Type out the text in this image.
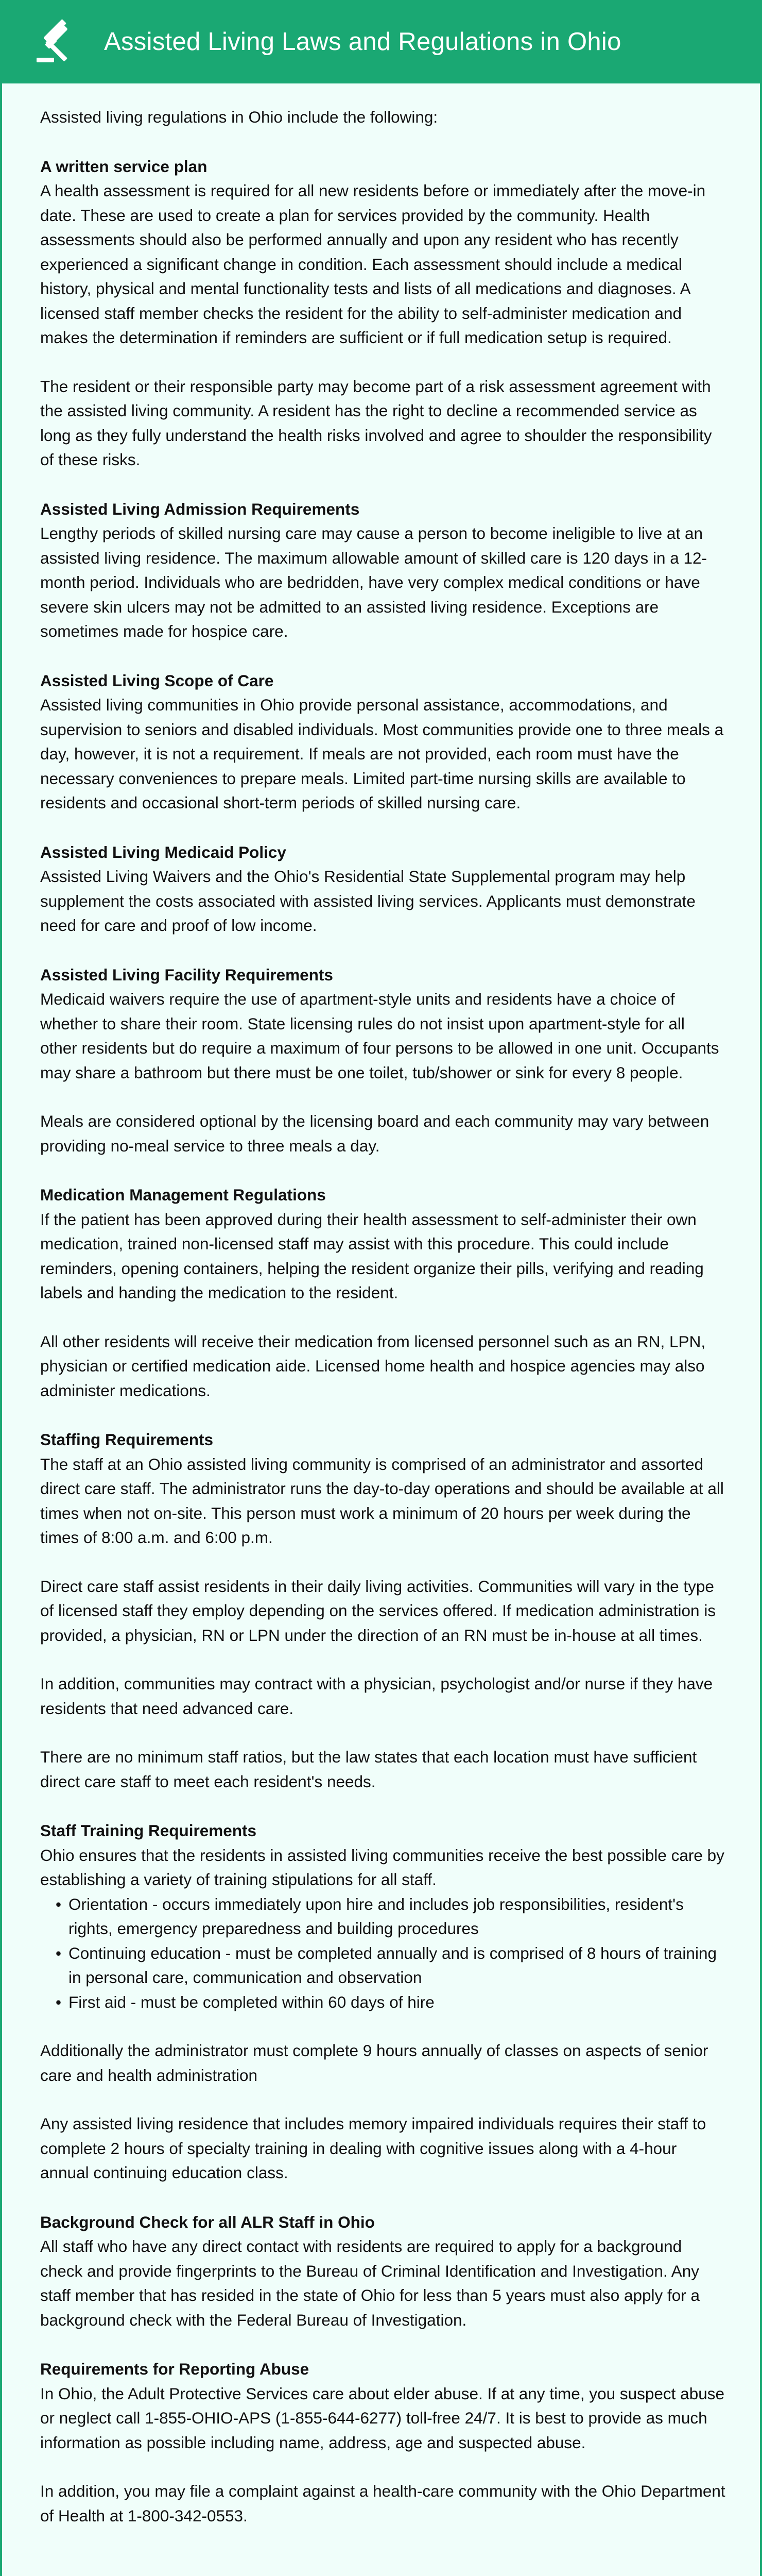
Assisted Living Laws and Regulations in Ohio

Assisted living regulations in Ohio include the following:

A written service plan

A health assessment is required for all new residents before or immediately after the move-in date. These are used to create a plan for services provided by the community. Health assessments should also be performed annually and upon any resident who has recently experienced a significant change in condition. Each assessment should include a medical history, physical and mental functionality tests and lists of all medications and diagnoses. A licensed staff member checks the resident for the ability to self-administer medication and makes the determination if reminders are sufficient or if full medication setup is required.

The resident or their responsible party may become part of a risk assessment agreement with the assisted living community. A resident has the right to decline a recommended service as long as they fully understand the health risks involved and agree to shoulder the responsibility of these risks.

Assisted Living Admission Requirements

Lengthy periods of skilled nursing care may cause a person to become ineligible to live at an assisted living residence. The maximum allowable amount of skilled care is 120 days in a 12-month period. Individuals who are bedridden, have very complex medical conditions or have severe skin ulcers may not be admitted to an assisted living residence. Exceptions are sometimes made for hospice care.

Assisted Living Scope of Care

Assisted living communities in Ohio provide personal assistance, accommodations, and supervision to seniors and disabled individuals. Most communities provide one to three meals a day, however, it is not a requirement. If meals are not provided, each room must have the necessary conveniences to prepare meals. Limited part-time nursing skills are available to residents and occasional short-term periods of skilled nursing care.

Assisted Living Medicaid Policy

Assisted Living Waivers and the Ohio's Residential State Supplemental program may help supplement the costs associated with assisted living services. Applicants must demonstrate need for care and proof of low income.

Assisted Living Facility Requirements

Medicaid waivers require the use of apartment-style units and residents have a choice of whether to share their room. State licensing rules do not insist upon apartment-style for all other residents but do require a maximum of four persons to be allowed in one unit. Occupants may share a bathroom but there must be one toilet, tub/shower or sink for every 8 people.

Meals are considered optional by the licensing board and each community may vary between providing no-meal service to three meals a day.

Medication Management Regulations

If the patient has been approved during their health assessment to self-administer their own medication, trained non-licensed staff may assist with this procedure. This could include reminders, opening containers, helping the resident organize their pills, verifying and reading labels and handing the medication to the resident.

All other residents will receive their medication from licensed personnel such as an RN, LPN, physician or certified medication aide. Licensed home health and hospice agencies may also administer medications.

Staffing Requirements

The staff at an Ohio assisted living community is comprised of an administrator and assorted direct care staff. The administrator runs the day-to-day operations and should be available at all times when not on-site. This person must work a minimum of 20 hours per week during the times of 8:00 a.m. and 6:00 p.m.

Direct care staff assist residents in their daily living activities. Communities will vary in the type of licensed staff they employ depending on the services offered. If medication administration is provided, a physician, RN or LPN under the direction of an RN must be in-house at all times.

In addition, communities may contract with a physician, psychologist and/or nurse if they have residents that need advanced care.

There are no minimum staff ratios, but the law states that each location must have sufficient direct care staff to meet each resident's needs.

Staff Training Requirements

Ohio ensures that the residents in assisted living communities receive the best possible care by establishing a variety of training stipulations for all staff.

• Orientation - occurs immediately upon hire and includes job responsibilities, resident's rights, emergency preparedness and building procedures
• Continuing education - must be completed annually and is comprised of 8 hours of training in personal care, communication and observation
• First aid - must be completed within 60 days of hire

Additionally the administrator must complete 9 hours annually of classes on aspects of senior care and health administration

Any assisted living residence that includes memory impaired individuals requires their staff to complete 2 hours of specialty training in dealing with cognitive issues along with a 4-hour annual continuing education class.

Background Check for all ALR Staff in Ohio

All staff who have any direct contact with residents are required to apply for a background check and provide fingerprints to the Bureau of Criminal Identification and Investigation. Any staff member that has resided in the state of Ohio for less than 5 years must also apply for a background check with the Federal Bureau of Investigation.

Requirements for Reporting Abuse

In Ohio, the Adult Protective Services care about elder abuse. If at any time, you suspect abuse or neglect call 1-855-OHIO-APS (1-855-644-6277) toll-free 24/7. It is best to provide as much information as possible including name, address, age and suspected abuse.

In addition, you may file a complaint against a health-care community with the Ohio Department of Health at 1-800-342-0553.
